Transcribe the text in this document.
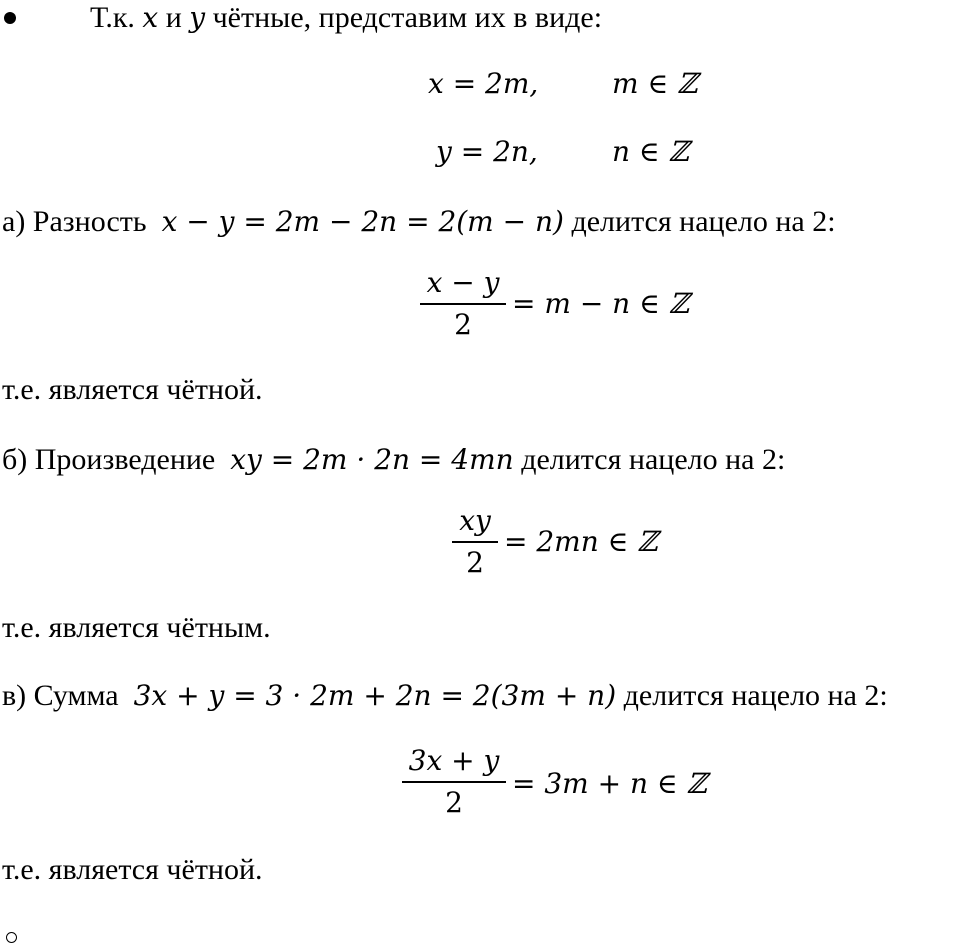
Т.к. x и y чётные, представим их в виде:
x = 2m,	m ∈ ℤ
y = 2n,	n ∈ ℤ
а) Разность x − y = 2m − 2n = 2(m − n) делится нацело на 2:
x − y
2
= m − n ∈ ℤ
т.е. является чётной.
б) Произведение xy = 2m · 2n = 4mn делится нацело на 2:
xy
2
= 2mn ∈ ℤ
т.е. является чётным.
в) Сумма 3x + y = 3 · 2m + 2n = 2(3m + n) делится нацело на 2:
3x + y
2
= 3m + n ∈ ℤ
т.е. является чётной.
